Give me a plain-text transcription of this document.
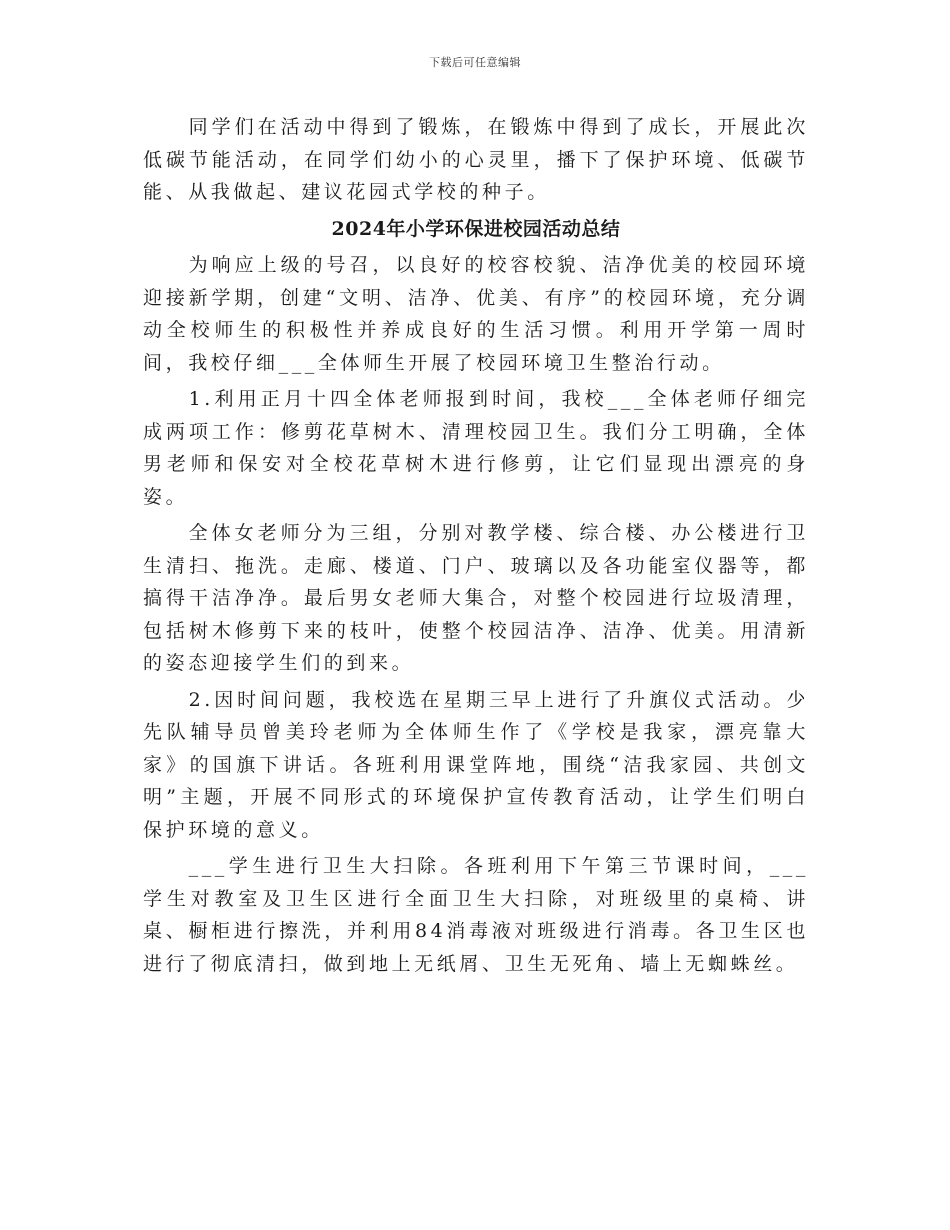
下载后可任意编辑

同学们在活动中得到了锻炼，在锻炼中得到了成长，开展此次低碳节能活动，在同学们幼小的心灵里，播下了保护环境、低碳节能、从我做起、建议花园式学校的种子。

2024年小学环保进校园活动总结

为响应上级的号召，以良好的校容校貌、洁净优美的校园环境迎接新学期，创建“文明、洁净、优美、有序”的校园环境，充分调动全校师生的积极性并养成良好的生活习惯。利用开学第一周时间，我校仔细___全体师生开展了校园环境卫生整治行动。

1.利用正月十四全体老师报到时间，我校___全体老师仔细完成两项工作：修剪花草树木、清理校园卫生。我们分工明确，全体男老师和保安对全校花草树木进行修剪，让它们显现出漂亮的身姿。

全体女老师分为三组，分别对教学楼、综合楼、办公楼进行卫生清扫、拖洗。走廊、楼道、门户、玻璃以及各功能室仪器等，都搞得干洁净净。最后男女老师大集合，对整个校园进行垃圾清理，包括树木修剪下来的枝叶，使整个校园洁净、洁净、优美。用清新的姿态迎接学生们的到来。

2.因时间问题，我校选在星期三早上进行了升旗仪式活动。少先队辅导员曾美玲老师为全体师生作了《学校是我家，漂亮靠大家》的国旗下讲话。各班利用课堂阵地，围绕“洁我家园、共创文明”主题，开展不同形式的环境保护宣传教育活动，让学生们明白保护环境的意义。

___学生进行卫生大扫除。各班利用下午第三节课时间，___学生对教室及卫生区进行全面卫生大扫除，对班级里的桌椅、讲桌、橱柜进行擦洗，并利用84消毒液对班级进行消毒。各卫生区也进行了彻底清扫，做到地上无纸屑、卫生无死角、墙上无蜘蛛丝。
